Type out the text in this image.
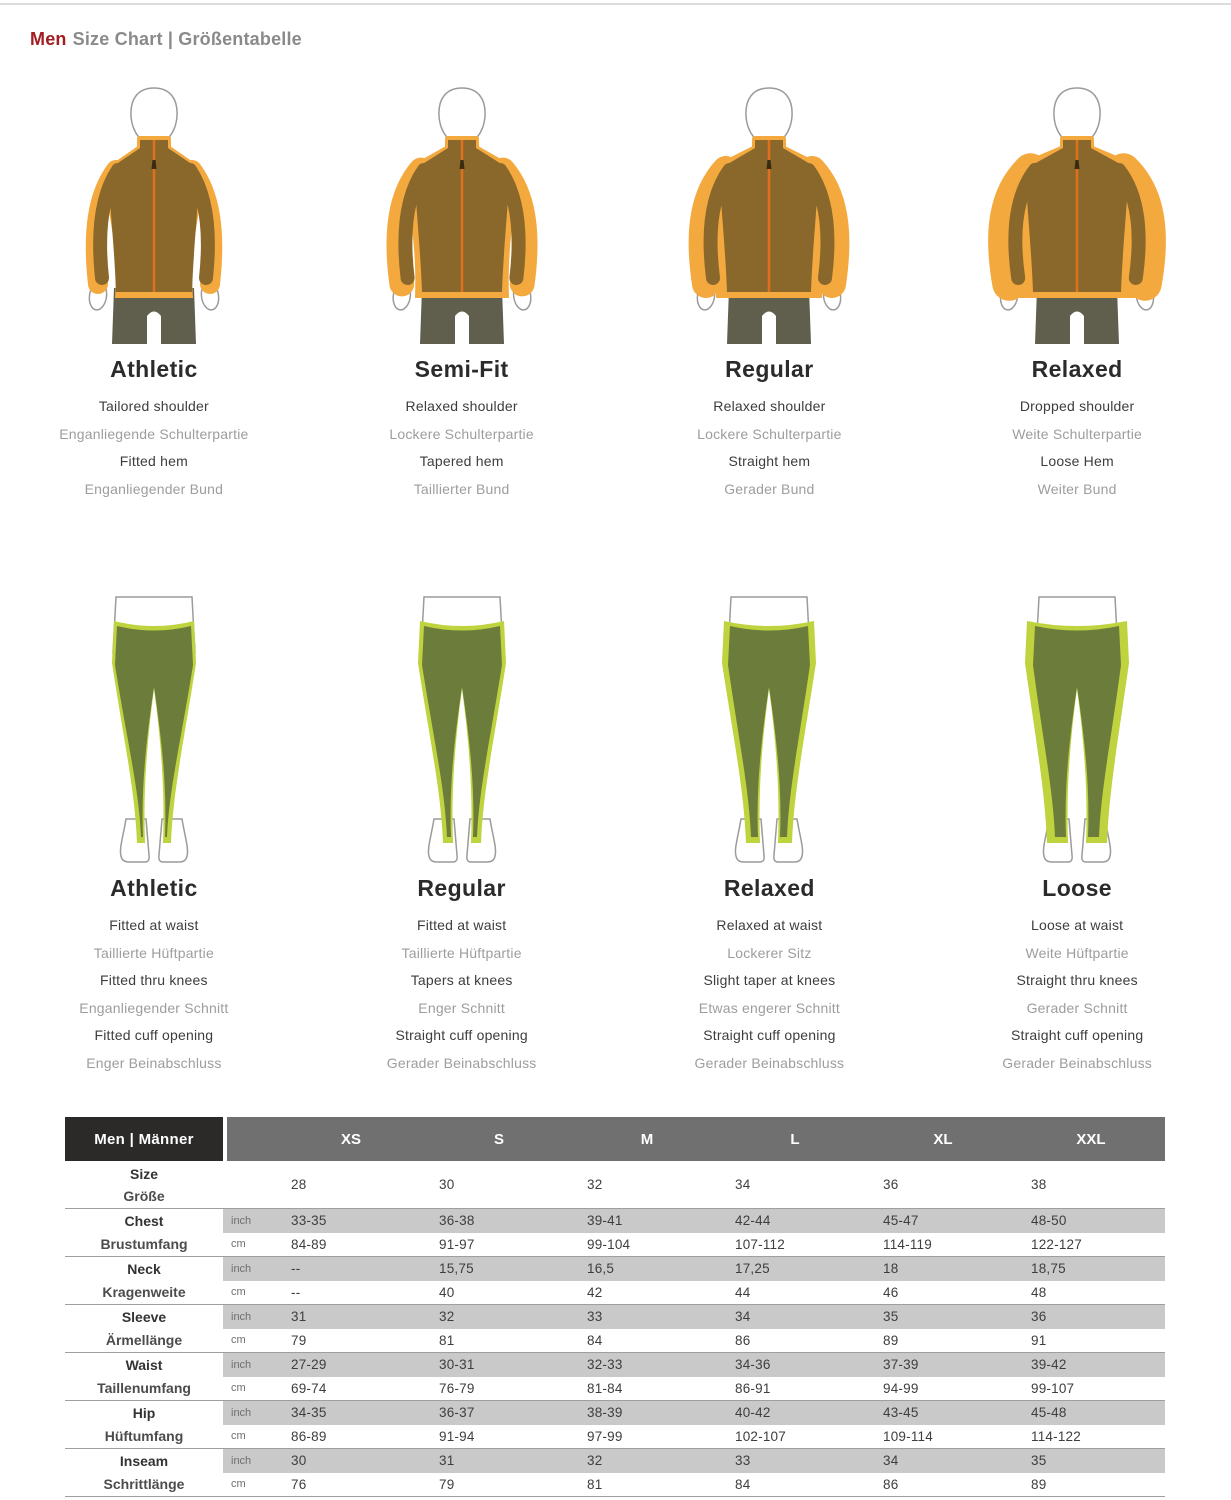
Men Size Chart | Größentabelle
Athletic
Tailored shoulder
Enganliegende Schulterpartie
Fitted hem
Enganliegender Bund
Semi-Fit
Relaxed shoulder
Lockere Schulterpartie
Tapered hem
Taillierter Bund
Regular
Relaxed shoulder
Lockere Schulterpartie
Straight hem
Gerader Bund
Relaxed
Dropped shoulder
Weite Schulterpartie
Loose Hem
Weiter Bund
Athletic
Fitted at waist
Taillierte Hüftpartie
Fitted thru knees
Enganliegender Schnitt
Fitted cuff opening
Enger Beinabschluss
Regular
Fitted at waist
Taillierte Hüftpartie
Tapers at knees
Enger Schnitt
Straight cuff opening
Gerader Beinabschluss
Relaxed
Relaxed at waist
Lockerer Sitz
Slight taper at knees
Etwas engerer Schnitt
Straight cuff opening
Gerader Beinabschluss
Loose
Loose at waist
Weite Hüftpartie
Straight thru knees
Gerader Schnitt
Straight cuff opening
Gerader Beinabschluss
Men | Männer	XS	S	M	L	XL	XXL
Size
Größe
28	30	32	34	36	38
Chest	inch	33-35	36-38	39-41	42-44	45-47	48-50
Brustumfang	cm	84-89	91-97	99-104	107-112	114-119	122-127
Neck	inch	--	15,75	16,5	17,25	18	18,75
Kragenweite	cm	--	40	42	44	46	48
Sleeve	inch	31	32	33	34	35	36
Ärmellänge	cm	79	81	84	86	89	91
Waist	inch	27-29	30-31	32-33	34-36	37-39	39-42
Taillenumfang	cm	69-74	76-79	81-84	86-91	94-99	99-107
Hip	inch	34-35	36-37	38-39	40-42	43-45	45-48
Hüftumfang	cm	86-89	91-94	97-99	102-107	109-114	114-122
Inseam	inch	30	31	32	33	34	35
Schrittlänge	cm	76	79	81	84	86	89
